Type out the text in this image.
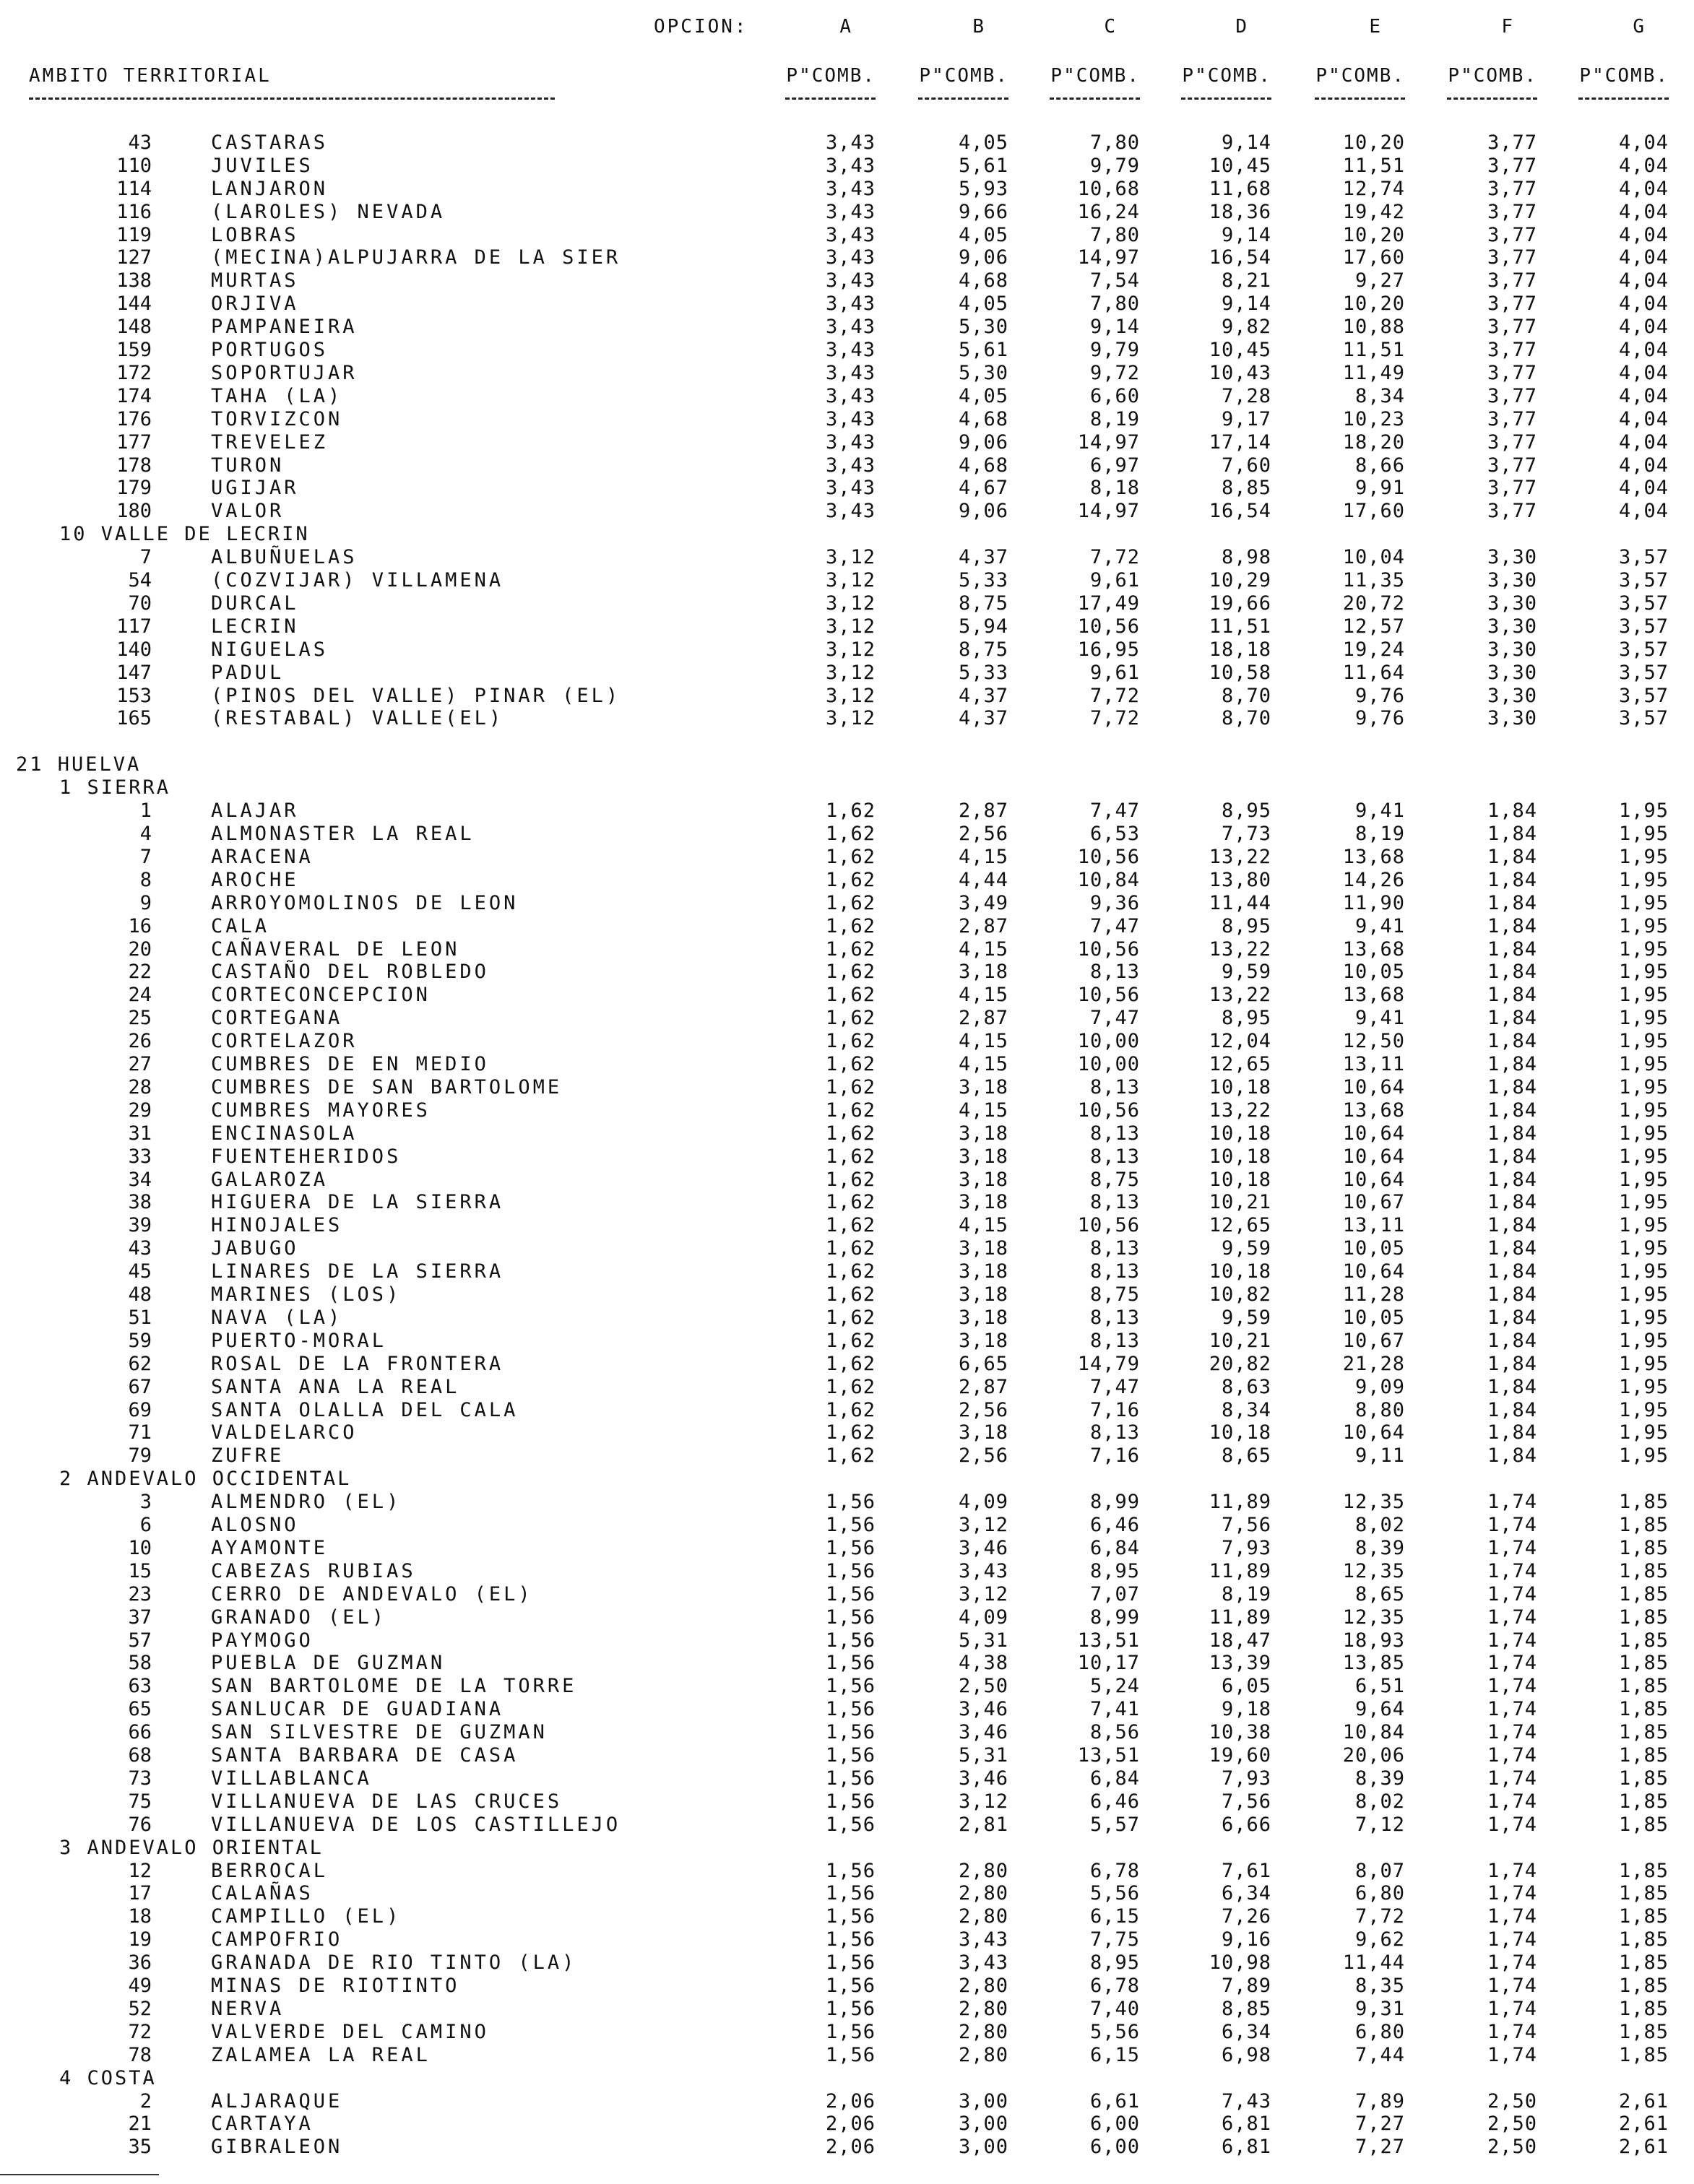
OPCION:	A	B	C	D	E	F	G
AMBITO TERRITORIAL	P"COMB.	P"COMB.	P"COMB.	P"COMB.	P"COMB.	P"COMB.	P"COMB.
43	CASTARAS	3,43	4,05	7,80	9,14	10,20	3,77	4,04
110	JUVILES	3,43	5,61	9,79	10,45	11,51	3,77	4,04
114	LANJARON	3,43	5,93	10,68	11,68	12,74	3,77	4,04
116	(LAROLES) NEVADA	3,43	9,66	16,24	18,36	19,42	3,77	4,04
119	LOBRAS	3,43	4,05	7,80	9,14	10,20	3,77	4,04
127	(MECINA)ALPUJARRA DE LA SIER	3,43	9,06	14,97	16,54	17,60	3,77	4,04
138	MURTAS	3,43	4,68	7,54	8,21	9,27	3,77	4,04
144	ORJIVA	3,43	4,05	7,80	9,14	10,20	3,77	4,04
148	PAMPANEIRA	3,43	5,30	9,14	9,82	10,88	3,77	4,04
159	PORTUGOS	3,43	5,61	9,79	10,45	11,51	3,77	4,04
172	SOPORTUJAR	3,43	5,30	9,72	10,43	11,49	3,77	4,04
174	TAHA (LA)	3,43	4,05	6,60	7,28	8,34	3,77	4,04
176	TORVIZCON	3,43	4,68	8,19	9,17	10,23	3,77	4,04
177	TREVELEZ	3,43	9,06	14,97	17,14	18,20	3,77	4,04
178	TURON	3,43	4,68	6,97	7,60	8,66	3,77	4,04
179	UGIJAR	3,43	4,67	8,18	8,85	9,91	3,77	4,04
180	VALOR	3,43	9,06	14,97	16,54	17,60	3,77	4,04
10 VALLE DE LECRIN
7	ALBUÑUELAS	3,12	4,37	7,72	8,98	10,04	3,30	3,57
54	(COZVIJAR) VILLAMENA	3,12	5,33	9,61	10,29	11,35	3,30	3,57
70	DURCAL	3,12	8,75	17,49	19,66	20,72	3,30	3,57
117	LECRIN	3,12	5,94	10,56	11,51	12,57	3,30	3,57
140	NIGUELAS	3,12	8,75	16,95	18,18	19,24	3,30	3,57
147	PADUL	3,12	5,33	9,61	10,58	11,64	3,30	3,57
153	(PINOS DEL VALLE) PINAR (EL)	3,12	4,37	7,72	8,70	9,76	3,30	3,57
165	(RESTABAL) VALLE(EL)	3,12	4,37	7,72	8,70	9,76	3,30	3,57
21 HUELVA
1 SIERRA
1	ALAJAR	1,62	2,87	7,47	8,95	9,41	1,84	1,95
4	ALMONASTER LA REAL	1,62	2,56	6,53	7,73	8,19	1,84	1,95
7	ARACENA	1,62	4,15	10,56	13,22	13,68	1,84	1,95
8	AROCHE	1,62	4,44	10,84	13,80	14,26	1,84	1,95
9	ARROYOMOLINOS DE LEON	1,62	3,49	9,36	11,44	11,90	1,84	1,95
16	CALA	1,62	2,87	7,47	8,95	9,41	1,84	1,95
20	CAÑAVERAL DE LEON	1,62	4,15	10,56	13,22	13,68	1,84	1,95
22	CASTAÑO DEL ROBLEDO	1,62	3,18	8,13	9,59	10,05	1,84	1,95
24	CORTECONCEPCION	1,62	4,15	10,56	13,22	13,68	1,84	1,95
25	CORTEGANA	1,62	2,87	7,47	8,95	9,41	1,84	1,95
26	CORTELAZOR	1,62	4,15	10,00	12,04	12,50	1,84	1,95
27	CUMBRES DE EN MEDIO	1,62	4,15	10,00	12,65	13,11	1,84	1,95
28	CUMBRES DE SAN BARTOLOME	1,62	3,18	8,13	10,18	10,64	1,84	1,95
29	CUMBRES MAYORES	1,62	4,15	10,56	13,22	13,68	1,84	1,95
31	ENCINASOLA	1,62	3,18	8,13	10,18	10,64	1,84	1,95
33	FUENTEHERIDOS	1,62	3,18	8,13	10,18	10,64	1,84	1,95
34	GALAROZA	1,62	3,18	8,75	10,18	10,64	1,84	1,95
38	HIGUERA DE LA SIERRA	1,62	3,18	8,13	10,21	10,67	1,84	1,95
39	HINOJALES	1,62	4,15	10,56	12,65	13,11	1,84	1,95
43	JABUGO	1,62	3,18	8,13	9,59	10,05	1,84	1,95
45	LINARES DE LA SIERRA	1,62	3,18	8,13	10,18	10,64	1,84	1,95
48	MARINES (LOS)	1,62	3,18	8,75	10,82	11,28	1,84	1,95
51	NAVA (LA)	1,62	3,18	8,13	9,59	10,05	1,84	1,95
59	PUERTO-MORAL	1,62	3,18	8,13	10,21	10,67	1,84	1,95
62	ROSAL DE LA FRONTERA	1,62	6,65	14,79	20,82	21,28	1,84	1,95
67	SANTA ANA LA REAL	1,62	2,87	7,47	8,63	9,09	1,84	1,95
69	SANTA OLALLA DEL CALA	1,62	2,56	7,16	8,34	8,80	1,84	1,95
71	VALDELARCO	1,62	3,18	8,13	10,18	10,64	1,84	1,95
79	ZUFRE	1,62	2,56	7,16	8,65	9,11	1,84	1,95
2 ANDEVALO OCCIDENTAL
3	ALMENDRO (EL)	1,56	4,09	8,99	11,89	12,35	1,74	1,85
6	ALOSNO	1,56	3,12	6,46	7,56	8,02	1,74	1,85
10	AYAMONTE	1,56	3,46	6,84	7,93	8,39	1,74	1,85
15	CABEZAS RUBIAS	1,56	3,43	8,95	11,89	12,35	1,74	1,85
23	CERRO DE ANDEVALO (EL)	1,56	3,12	7,07	8,19	8,65	1,74	1,85
37	GRANADO (EL)	1,56	4,09	8,99	11,89	12,35	1,74	1,85
57	PAYMOGO	1,56	5,31	13,51	18,47	18,93	1,74	1,85
58	PUEBLA DE GUZMAN	1,56	4,38	10,17	13,39	13,85	1,74	1,85
63	SAN BARTOLOME DE LA TORRE	1,56	2,50	5,24	6,05	6,51	1,74	1,85
65	SANLUCAR DE GUADIANA	1,56	3,46	7,41	9,18	9,64	1,74	1,85
66	SAN SILVESTRE DE GUZMAN	1,56	3,46	8,56	10,38	10,84	1,74	1,85
68	SANTA BARBARA DE CASA	1,56	5,31	13,51	19,60	20,06	1,74	1,85
73	VILLABLANCA	1,56	3,46	6,84	7,93	8,39	1,74	1,85
75	VILLANUEVA DE LAS CRUCES	1,56	3,12	6,46	7,56	8,02	1,74	1,85
76	VILLANUEVA DE LOS CASTILLEJO	1,56	2,81	5,57	6,66	7,12	1,74	1,85
3 ANDEVALO ORIENTAL
12	BERROCAL	1,56	2,80	6,78	7,61	8,07	1,74	1,85
17	CALAÑAS	1,56	2,80	5,56	6,34	6,80	1,74	1,85
18	CAMPILLO (EL)	1,56	2,80	6,15	7,26	7,72	1,74	1,85
19	CAMPOFRIO	1,56	3,43	7,75	9,16	9,62	1,74	1,85
36	GRANADA DE RIO TINTO (LA)	1,56	3,43	8,95	10,98	11,44	1,74	1,85
49	MINAS DE RIOTINTO	1,56	2,80	6,78	7,89	8,35	1,74	1,85
52	NERVA	1,56	2,80	7,40	8,85	9,31	1,74	1,85
72	VALVERDE DEL CAMINO	1,56	2,80	5,56	6,34	6,80	1,74	1,85
78	ZALAMEA LA REAL	1,56	2,80	6,15	6,98	7,44	1,74	1,85
4 COSTA
2	ALJARAQUE	2,06	3,00	6,61	7,43	7,89	2,50	2,61
21	CARTAYA	2,06	3,00	6,00	6,81	7,27	2,50	2,61
35	GIBRALEON	2,06	3,00	6,00	6,81	7,27	2,50	2,61
